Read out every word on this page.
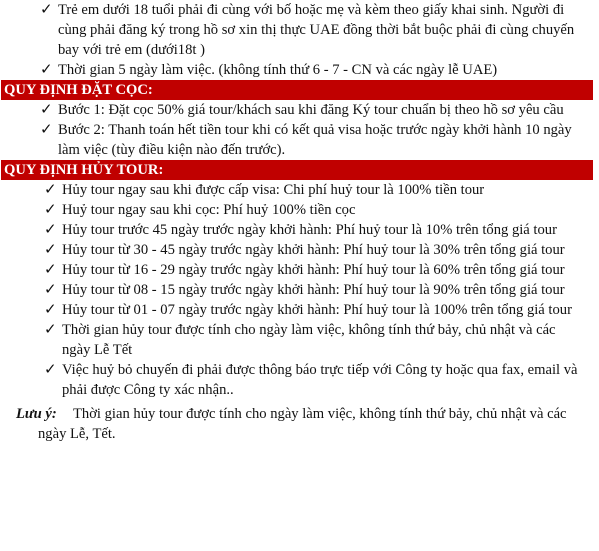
✓ Trẻ em dưới 18 tuổi phải đi cùng với bố hoặc mẹ và kèm theo giấy khai sinh. Người đi cùng phải đăng ký trong hồ sơ xin thị thực UAE đồng thời bắt buộc phải đi cùng chuyến bay với trẻ em (dưới18t )
✓ Thời gian 5 ngày làm việc. (không tính thứ 6 - 7 - CN và các ngày lễ UAE)
QUY ĐỊNH ĐẶT CỌC:
✓ Bước 1: Đặt cọc 50% giá tour/khách sau khi đăng Ký tour chuẩn bị theo hồ sơ yêu cầu
✓ Bước 2: Thanh toán hết tiền tour khi có kết quả visa hoặc trước ngày khởi hành 10 ngày làm việc (tùy điều kiện nào đến trước).
QUY ĐỊNH HỦY TOUR:
✓ Hủy tour ngay sau khi được cấp visa: Chi phí huỷ tour là 100% tiền tour
✓ Huỷ tour ngay sau khi cọc: Phí huỷ 100% tiền cọc
✓ Hủy tour trước 45 ngày trước ngày khởi hành: Phí huỷ tour là 10% trên tổng giá tour
✓ Hủy tour từ 30 - 45 ngày trước ngày khởi hành: Phí huỷ tour là 30% trên tổng giá tour
✓ Hủy tour từ 16 - 29 ngày trước ngày khởi hành: Phí huỷ tour là 60% trên tổng giá tour
✓ Hủy tour từ 08 - 15 ngày trước ngày khởi hành: Phí huỷ tour là 90% trên tổng giá tour
✓ Hủy tour từ 01 - 07 ngày trước ngày khởi hành: Phí huỷ tour là 100% trên tổng giá tour
✓ Thời gian hủy tour được tính cho ngày làm việc, không tính thứ bảy, chủ nhật và các ngày Lễ Tết
✓ Việc huỷ bỏ chuyến đi phải được thông báo trực tiếp với Công ty hoặc qua fax, email và phải được Công ty xác nhận..
Lưu ý:	Thời gian hủy tour được tính cho ngày làm việc, không tính thứ bảy, chủ nhật và các
ngày Lễ, Tết.
